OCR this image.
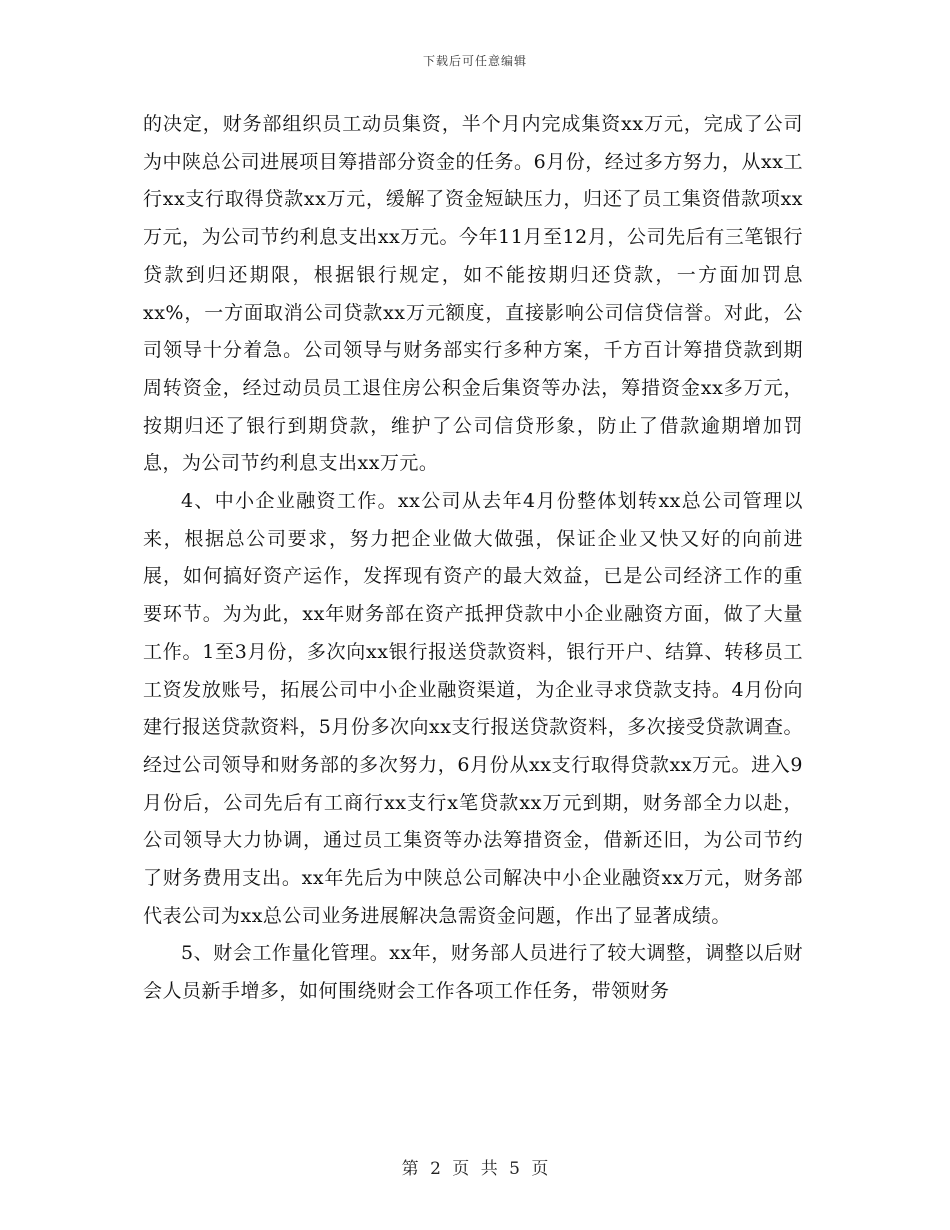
下载后可任意编辑

的决定，财务部组织员工动员集资，半个月内完成集资xx万元，完成了公司为中陕总公司进展项目筹措部分资金的任务。6月份，经过多方努力，从xx工行xx支行取得贷款xx万元，缓解了资金短缺压力，归还了员工集资借款项xx万元，为公司节约利息支出xx万元。今年11月至12月，公司先后有三笔银行贷款到归还期限，根据银行规定，如不能按期归还贷款，一方面加罚息xx%，一方面取消公司贷款xx万元额度，直接影响公司信贷信誉。对此，公司领导十分着急。公司领导与财务部实行多种方案，千方百计筹措贷款到期周转资金，经过动员员工退住房公积金后集资等办法，筹措资金xx多万元，按期归还了银行到期贷款，维护了公司信贷形象，防止了借款逾期增加罚息，为公司节约利息支出xx万元。

4、中小企业融资工作。xx公司从去年4月份整体划转xx总公司管理以来，根据总公司要求，努力把企业做大做强，保证企业又快又好的向前进展，如何搞好资产运作，发挥现有资产的最大效益，已是公司经济工作的重要环节。为为此，xx年财务部在资产抵押贷款中小企业融资方面，做了大量工作。1至3月份，多次向xx银行报送贷款资料，银行开户、结算、转移员工工资发放账号，拓展公司中小企业融资渠道，为企业寻求贷款支持。4月份向建行报送贷款资料，5月份多次向xx支行报送贷款资料，多次接受贷款调查。经过公司领导和财务部的多次努力，6月份从xx支行取得贷款xx万元。进入9月份后，公司先后有工商行xx支行x笔贷款xx万元到期，财务部全力以赴，公司领导大力协调，通过员工集资等办法筹措资金，借新还旧，为公司节约了财务费用支出。xx年先后为中陕总公司解决中小企业融资xx万元，财务部代表公司为xx总公司业务进展解决急需资金问题，作出了显著成绩。

5、财会工作量化管理。xx年，财务部人员进行了较大调整，调整以后财会人员新手增多，如何围绕财会工作各项工作任务，带领财务

第 2 页 共 5 页
